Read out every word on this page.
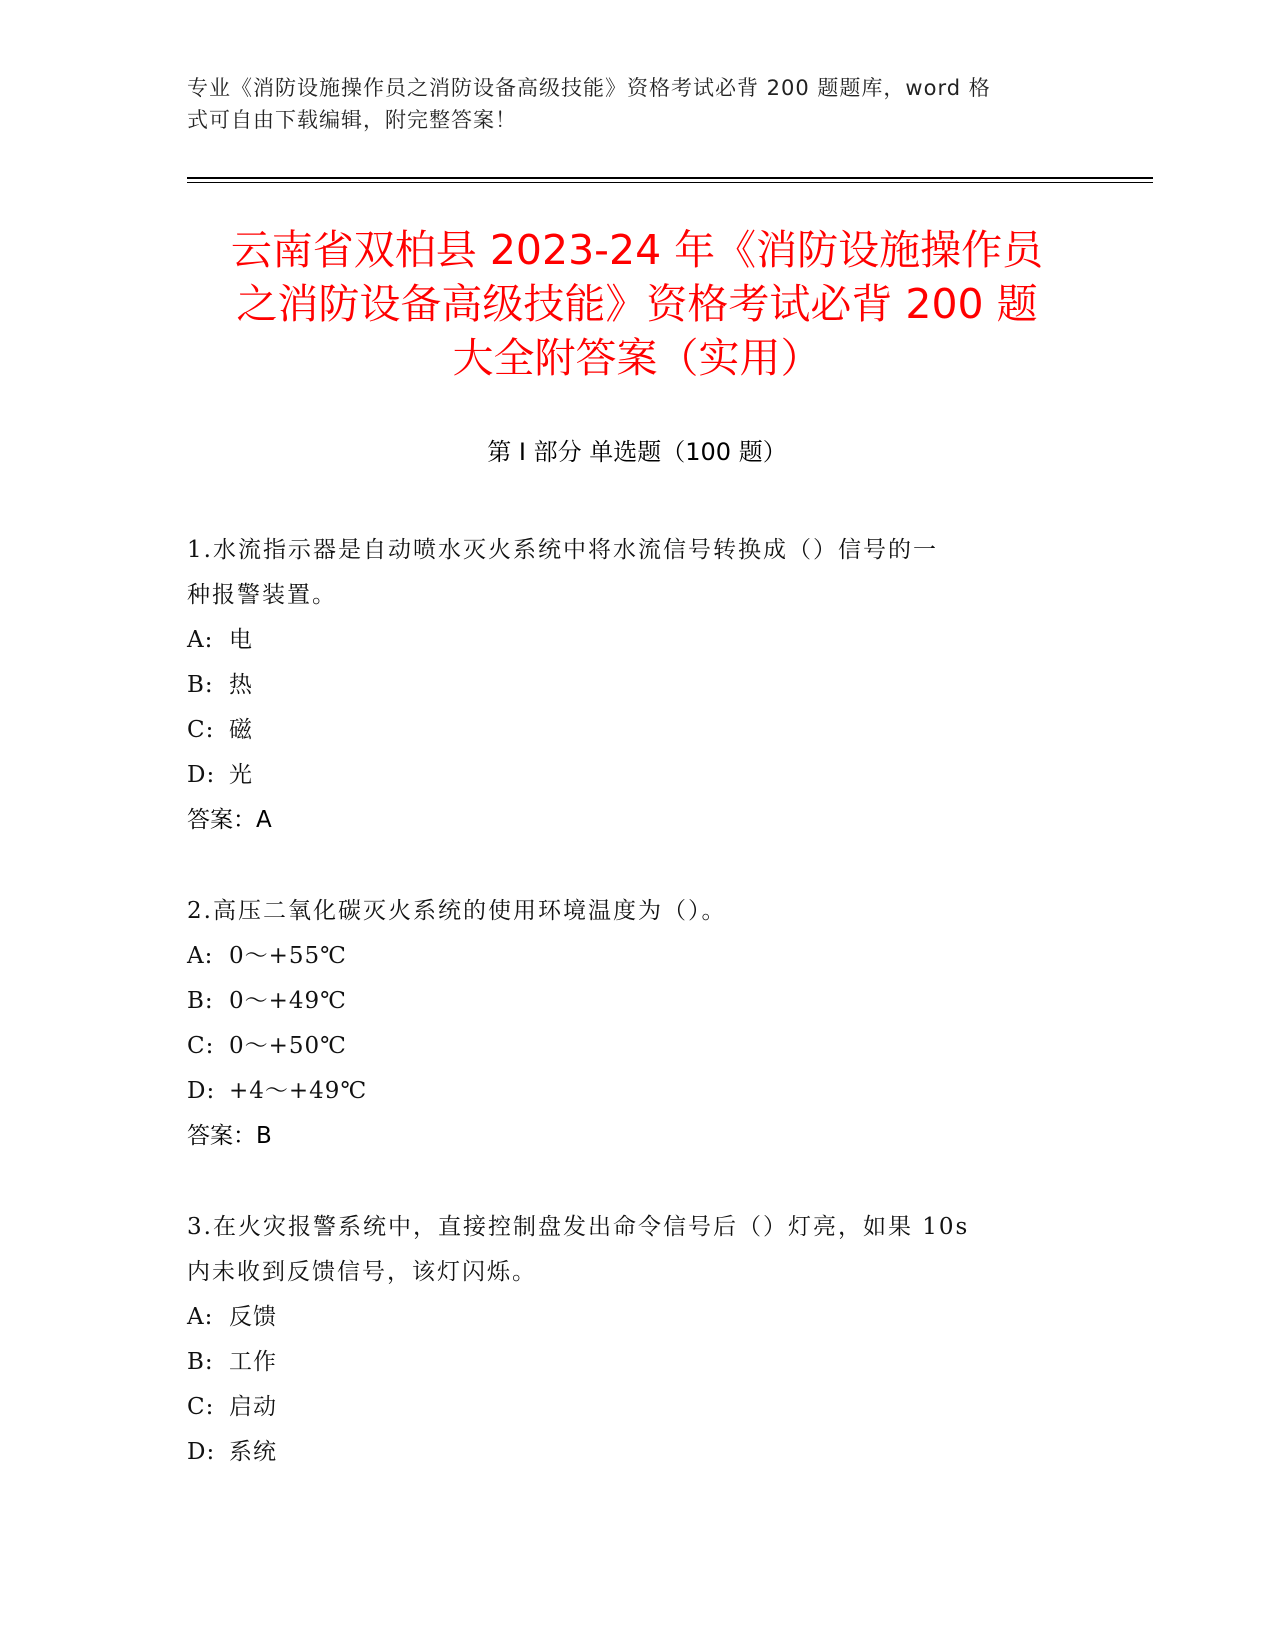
专业《消防设施操作员之消防设备高级技能》资格考试必背 200 题题库，word 格
式可自由下载编辑，附完整答案！
云南省双柏县 2023-24 年《消防设施操作员
之消防设备高级技能》资格考试必背 200 题
大全附答案（实用）
第 I 部分 单选题（100 题）

1.水流指示器是自动喷水灭火系统中将水流信号转换成（）信号的一

种报警装置。

A: 电

B: 热

C: 磁

D: 光

答案：A

2.高压二氧化碳灭火系统的使用环境温度为（）。

A: 0～+55℃

B: 0～+49℃

C: 0～+50℃

D: +4～+49℃

答案：B

3.在火灾报警系统中，直接控制盘发出命令信号后（）灯亮，如果 10s

内未收到反馈信号，该灯闪烁。

A: 反馈

B: 工作

C: 启动

D: 系统
